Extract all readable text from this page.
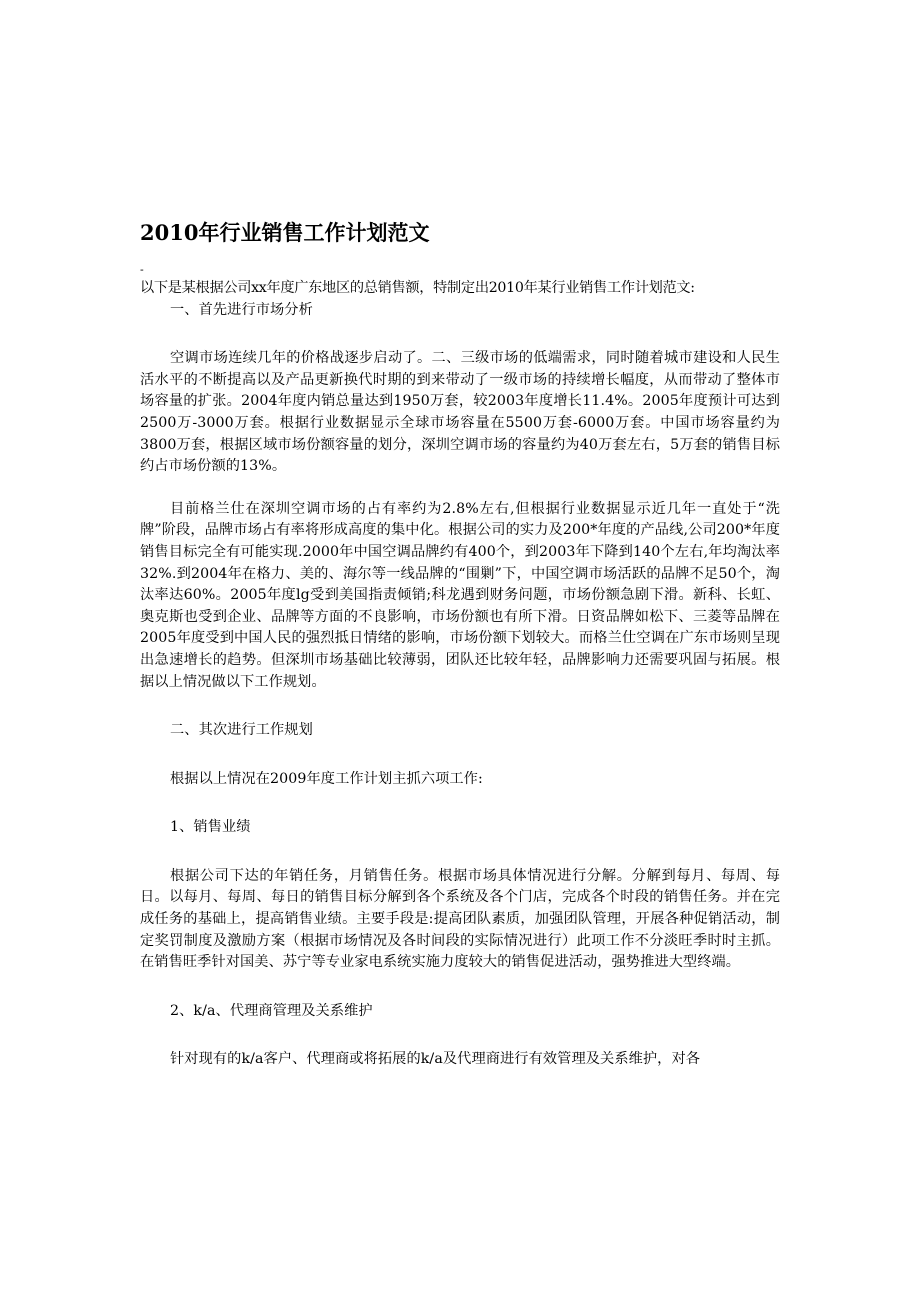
2010年行业销售工作计划范文
-

以下是某根据公司xx年度广东地区的总销售额，特制定出2010年某行业销售工作计划范文:

一、首先进行市场分析

空调市场连续几年的价格战逐步启动了。二、三级市场的低端需求，同时随着城市建设和人民生活水平的不断提高以及产品更新换代时期的到来带动了一级市场的持续增长幅度，从而带动了整体市场容量的扩张。2004年度内销总量达到1950万套，较2003年度增长11.4%。2005年度预计可达到2500万-3000万套。根据行业数据显示全球市场容量在5500万套-6000万套。中国市场容量约为3800万套，根据区域市场份额容量的划分，深圳空调市场的容量约为40万套左右，5万套的销售目标约占市场份额的13%。

目前格兰仕在深圳空调市场的占有率约为2.8%左右,但根据行业数据显示近几年一直处于“洗牌”阶段，品牌市场占有率将形成高度的集中化。根据公司的实力及200*年度的产品线,公司200*年度销售目标完全有可能实现.2000年中国空调品牌约有400个，到2003年下降到140个左右,年均淘汰率32%.到2004年在格力、美的、海尔等一线品牌的“围剿”下，中国空调市场活跃的品牌不足50个，淘汰率达60%。2005年度lg受到美国指责倾销;科龙遇到财务问题，市场份额急剧下滑。新科、长虹、奥克斯也受到企业、品牌等方面的不良影响，市场份额也有所下滑。日资品牌如松下、三菱等品牌在2005年度受到中国人民的强烈抵日情绪的影响，市场份额下划较大。而格兰仕空调在广东市场则呈现出急速增长的趋势。但深圳市场基础比较薄弱，团队还比较年轻，品牌影响力还需要巩固与拓展。根据以上情况做以下工作规划。

二、其次进行工作规划

根据以上情况在2009年度工作计划主抓六项工作:

1、销售业绩

根据公司下达的年销任务，月销售任务。根据市场具体情况进行分解。分解到每月、每周、每日。以每月、每周、每日的销售目标分解到各个系统及各个门店，完成各个时段的销售任务。并在完成任务的基础上，提高销售业绩。主要手段是:提高团队素质，加强团队管理，开展各种促销活动，制定奖罚制度及激励方案（根据市场情况及各时间段的实际情况进行）此项工作不分淡旺季时时主抓。在销售旺季针对国美、苏宁等专业家电系统实施力度较大的销售促进活动，强势推进大型终端。

2、k/a、代理商管理及关系维护

针对现有的k/a客户、代理商或将拓展的k/a及代理商进行有效管理及关系维护，对各
